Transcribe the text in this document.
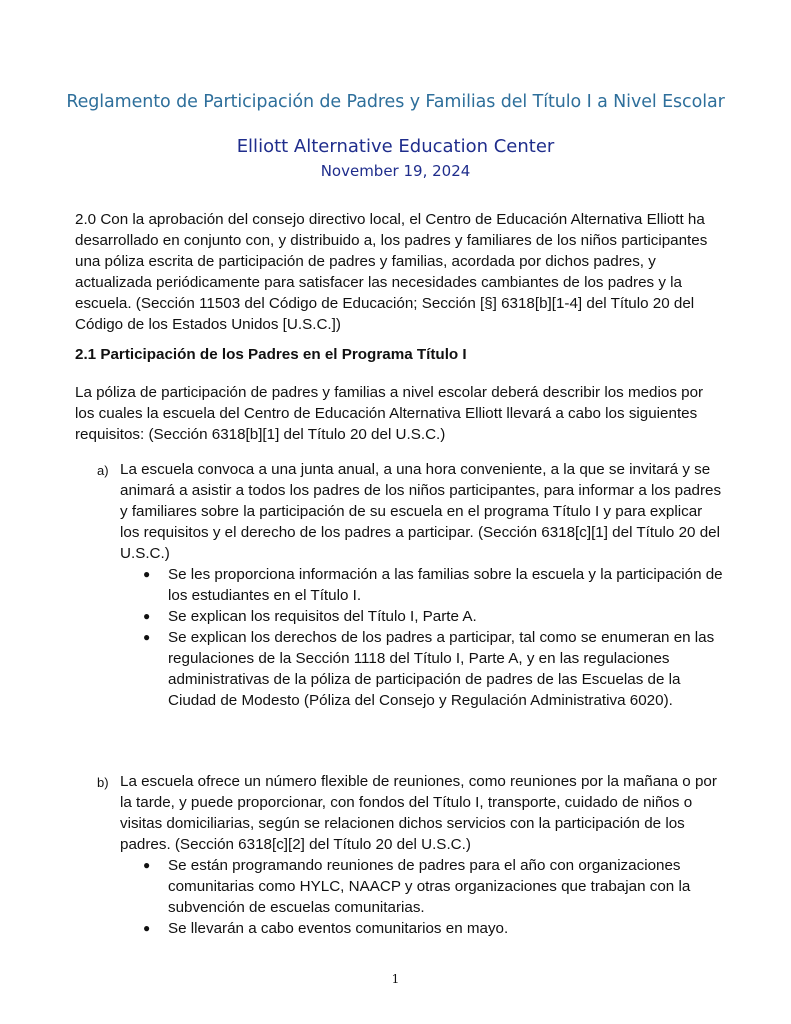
Reglamento de Participación de Padres y Familias del Título I a Nivel Escolar
Elliott Alternative Education Center
November 19, 2024
2.0 Con la aprobación del consejo directivo local, el Centro de Educación Alternativa Elliott ha desarrollado en conjunto con, y distribuido a, los padres y familiares de los niños participantes una póliza escrita de participación de padres y familias, acordada por dichos padres, y actualizada periódicamente para satisfacer las necesidades cambiantes de los padres y la escuela. (Sección 11503 del Código de Educación; Sección [§] 6318[b][1-4] del Título 20 del Código de los Estados Unidos [U.S.C.])
2.1 Participación de los Padres en el Programa Título I
La póliza de participación de padres y familias a nivel escolar deberá describir los medios por los cuales la escuela del Centro de Educación Alternativa Elliott llevará a cabo los siguientes requisitos: (Sección 6318[b][1] del Título 20 del U.S.C.)
a) La escuela convoca a una junta anual, a una hora conveniente, a la que se invitará y se animará a asistir a todos los padres de los niños participantes, para informar a los padres y familiares sobre la participación de su escuela en el programa Título I y para explicar los requisitos y el derecho de los padres a participar. (Sección 6318[c][1] del Título 20 del U.S.C.)
● Se les proporciona información a las familias sobre la escuela y la participación de los estudiantes en el Título I.
● Se explican los requisitos del Título I, Parte A.
● Se explican los derechos de los padres a participar, tal como se enumeran en las regulaciones de la Sección 1118 del Título I, Parte A, y en las regulaciones administrativas de la póliza de participación de padres de las Escuelas de la Ciudad de Modesto (Póliza del Consejo y Regulación Administrativa 6020).
b) La escuela ofrece un número flexible de reuniones, como reuniones por la mañana o por la tarde, y puede proporcionar, con fondos del Título I, transporte, cuidado de niños o visitas domiciliarias, según se relacionen dichos servicios con la participación de los padres. (Sección 6318[c][2] del Título 20 del U.S.C.)
● Se están programando reuniones de padres para el año con organizaciones comunitarias como HYLC, NAACP y otras organizaciones que trabajan con la subvención de escuelas comunitarias.
● Se llevarán a cabo eventos comunitarios en mayo.
1
